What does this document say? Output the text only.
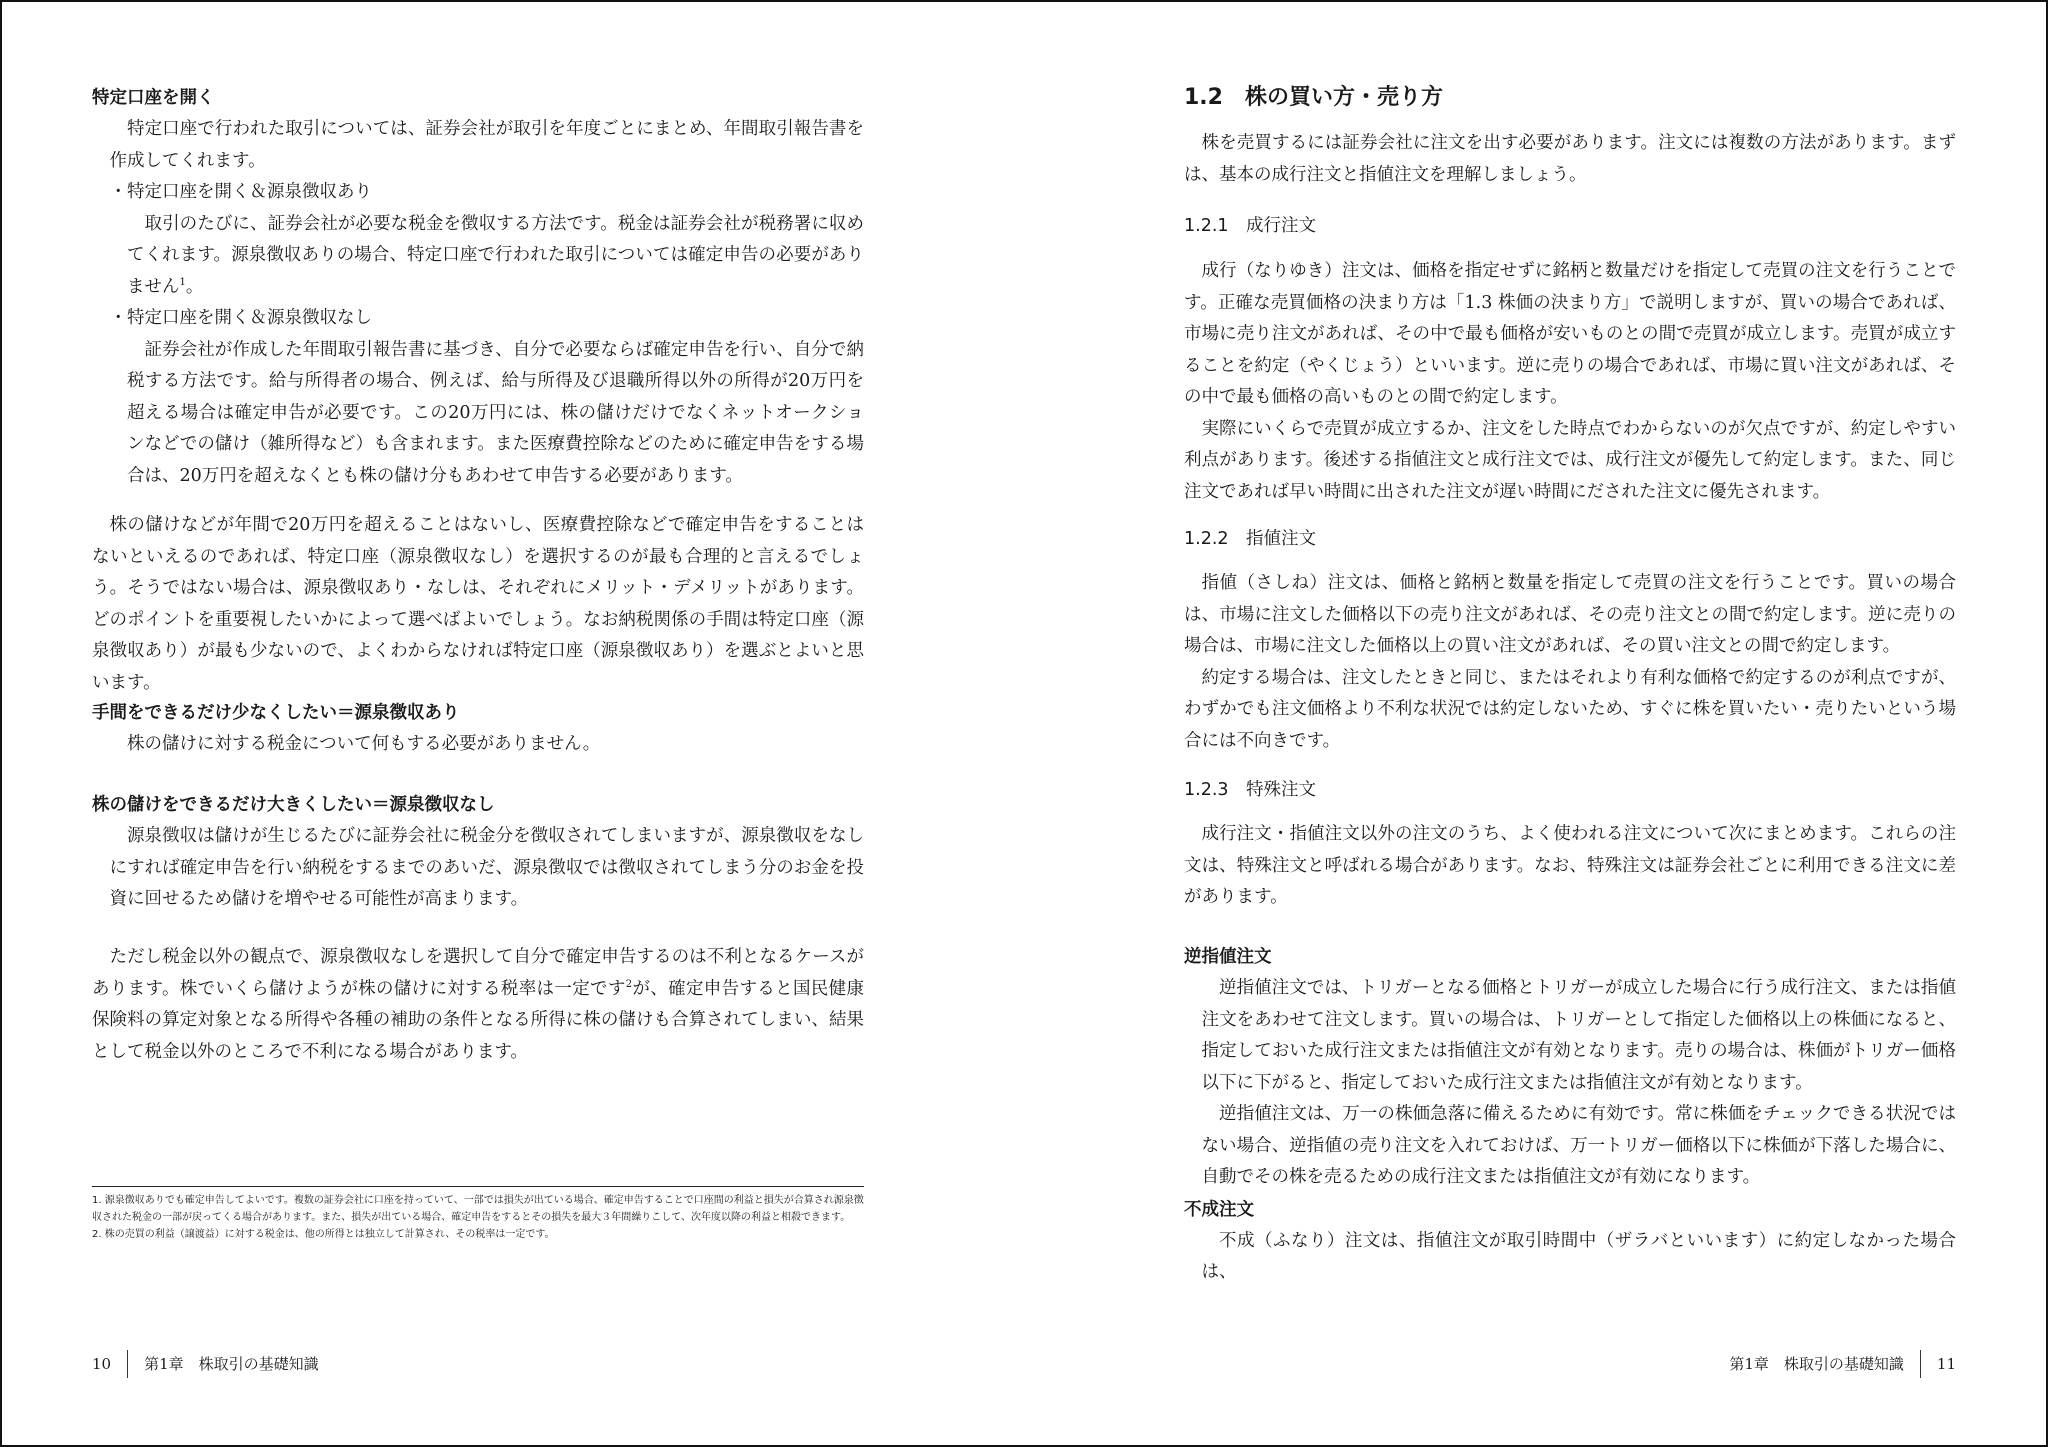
特定口座を開く

特定口座で行われた取引については、証券会社が取引を年度ごとにまとめ、年間取引報告書を作成してくれます。

・特定口座を開く＆源泉徴収あり

取引のたびに、証券会社が必要な税金を徴収する方法です。税金は証券会社が税務署に収めてくれます。源泉徴収ありの場合、特定口座で行われた取引については確定申告の必要がありません$^1$。

・特定口座を開く＆源泉徴収なし

証券会社が作成した年間取引報告書に基づき、自分で必要ならば確定申告を行い、自分で納税する方法です。給与所得者の場合、例えば、給与所得及び退職所得以外の所得が20万円を超える場合は確定申告が必要です。この20万円には、株の儲けだけでなくネットオークションなどでの儲け（雑所得など）も含まれます。また医療費控除などのために確定申告をする場合は、20万円を超えなくとも株の儲け分もあわせて申告する必要があります。

株の儲けなどが年間で20万円を超えることはないし、医療費控除などで確定申告をすることはないといえるのであれば、特定口座（源泉徴収なし）を選択するのが最も合理的と言えるでしょう。そうではない場合は、源泉徴収あり・なしは、それぞれにメリット・デメリットがあります。どのポイントを重要視したいかによって選べばよいでしょう。なお納税関係の手間は特定口座（源泉徴収あり）が最も少ないので、よくわからなければ特定口座（源泉徴収あり）を選ぶとよいと思います。

手間をできるだけ少なくしたい＝源泉徴収あり

株の儲けに対する税金について何もする必要がありません。

株の儲けをできるだけ大きくしたい＝源泉徴収なし

源泉徴収は儲けが生じるたびに証券会社に税金分を徴収されてしまいますが、源泉徴収をなしにすれば確定申告を行い納税をするまでのあいだ、源泉徴収では徴収されてしまう分のお金を投資に回せるため儲けを増やせる可能性が高まります。

ただし税金以外の観点で、源泉徴収なしを選択して自分で確定申告するのは不利となるケースがあります。株でいくら儲けようが株の儲けに対する税率は一定です$^2$が、確定申告すると国民健康保険料の算定対象となる所得や各種の補助の条件となる所得に株の儲けも合算されてしまい、結果として税金以外のところで不利になる場合があります。

1. 源泉徴収ありでも確定申告してよいです。複数の証券会社に口座を持っていて、一部では損失が出ている場合、確定申告することで口座間の利益と損失が合算され源泉徴収された税金の一部が戻ってくる場合があります。また、損失が出ている場合、確定申告をするとその損失を最大３年間繰りこして、次年度以降の利益と相殺できます。

2. 株の売買の利益（譲渡益）に対する税金は、他の所得とは独立して計算され、その税率は一定です。

10 第1章　株取引の基礎知識

1.2　株の買い方・売り方

株を売買するには証券会社に注文を出す必要があります。注文には複数の方法があります。まずは、基本の成行注文と指値注文を理解しましょう。

1.2.1　成行注文

成行（なりゆき）注文は、価格を指定せずに銘柄と数量だけを指定して売買の注文を行うことです。正確な売買価格の決まり方は「1.3 株価の決まり方」で説明しますが、買いの場合であれば、市場に売り注文があれば、その中で最も価格が安いものとの間で売買が成立します。売買が成立することを約定（やくじょう）といいます。逆に売りの場合であれば、市場に買い注文があれば、その中で最も価格の高いものとの間で約定します。

実際にいくらで売買が成立するか、注文をした時点でわからないのが欠点ですが、約定しやすい利点があります。後述する指値注文と成行注文では、成行注文が優先して約定します。また、同じ注文であれば早い時間に出された注文が遅い時間にだされた注文に優先されます。

1.2.2　指値注文

指値（さしね）注文は、価格と銘柄と数量を指定して売買の注文を行うことです。買いの場合は、市場に注文した価格以下の売り注文があれば、その売り注文との間で約定します。逆に売りの場合は、市場に注文した価格以上の買い注文があれば、その買い注文との間で約定します。

約定する場合は、注文したときと同じ、またはそれより有利な価格で約定するのが利点ですが、わずかでも注文価格より不利な状況では約定しないため、すぐに株を買いたい・売りたいという場合には不向きです。

1.2.3　特殊注文

成行注文・指値注文以外の注文のうち、よく使われる注文について次にまとめます。これらの注文は、特殊注文と呼ばれる場合があります。なお、特殊注文は証券会社ごとに利用できる注文に差があります。

逆指値注文

逆指値注文では、トリガーとなる価格とトリガーが成立した場合に行う成行注文、または指値注文をあわせて注文します。買いの場合は、トリガーとして指定した価格以上の株価になると、指定しておいた成行注文または指値注文が有効となります。売りの場合は、株価がトリガー価格以下に下がると、指定しておいた成行注文または指値注文が有効となります。

逆指値注文は、万一の株価急落に備えるために有効です。常に株価をチェックできる状況ではない場合、逆指値の売り注文を入れておけば、万一トリガー価格以下に株価が下落した場合に、自動でその株を売るための成行注文または指値注文が有効になります。

不成注文

不成（ふなり）注文は、指値注文が取引時間中（ザラバといいます）に約定しなかった場合は、

第1章　株取引の基礎知識 11
